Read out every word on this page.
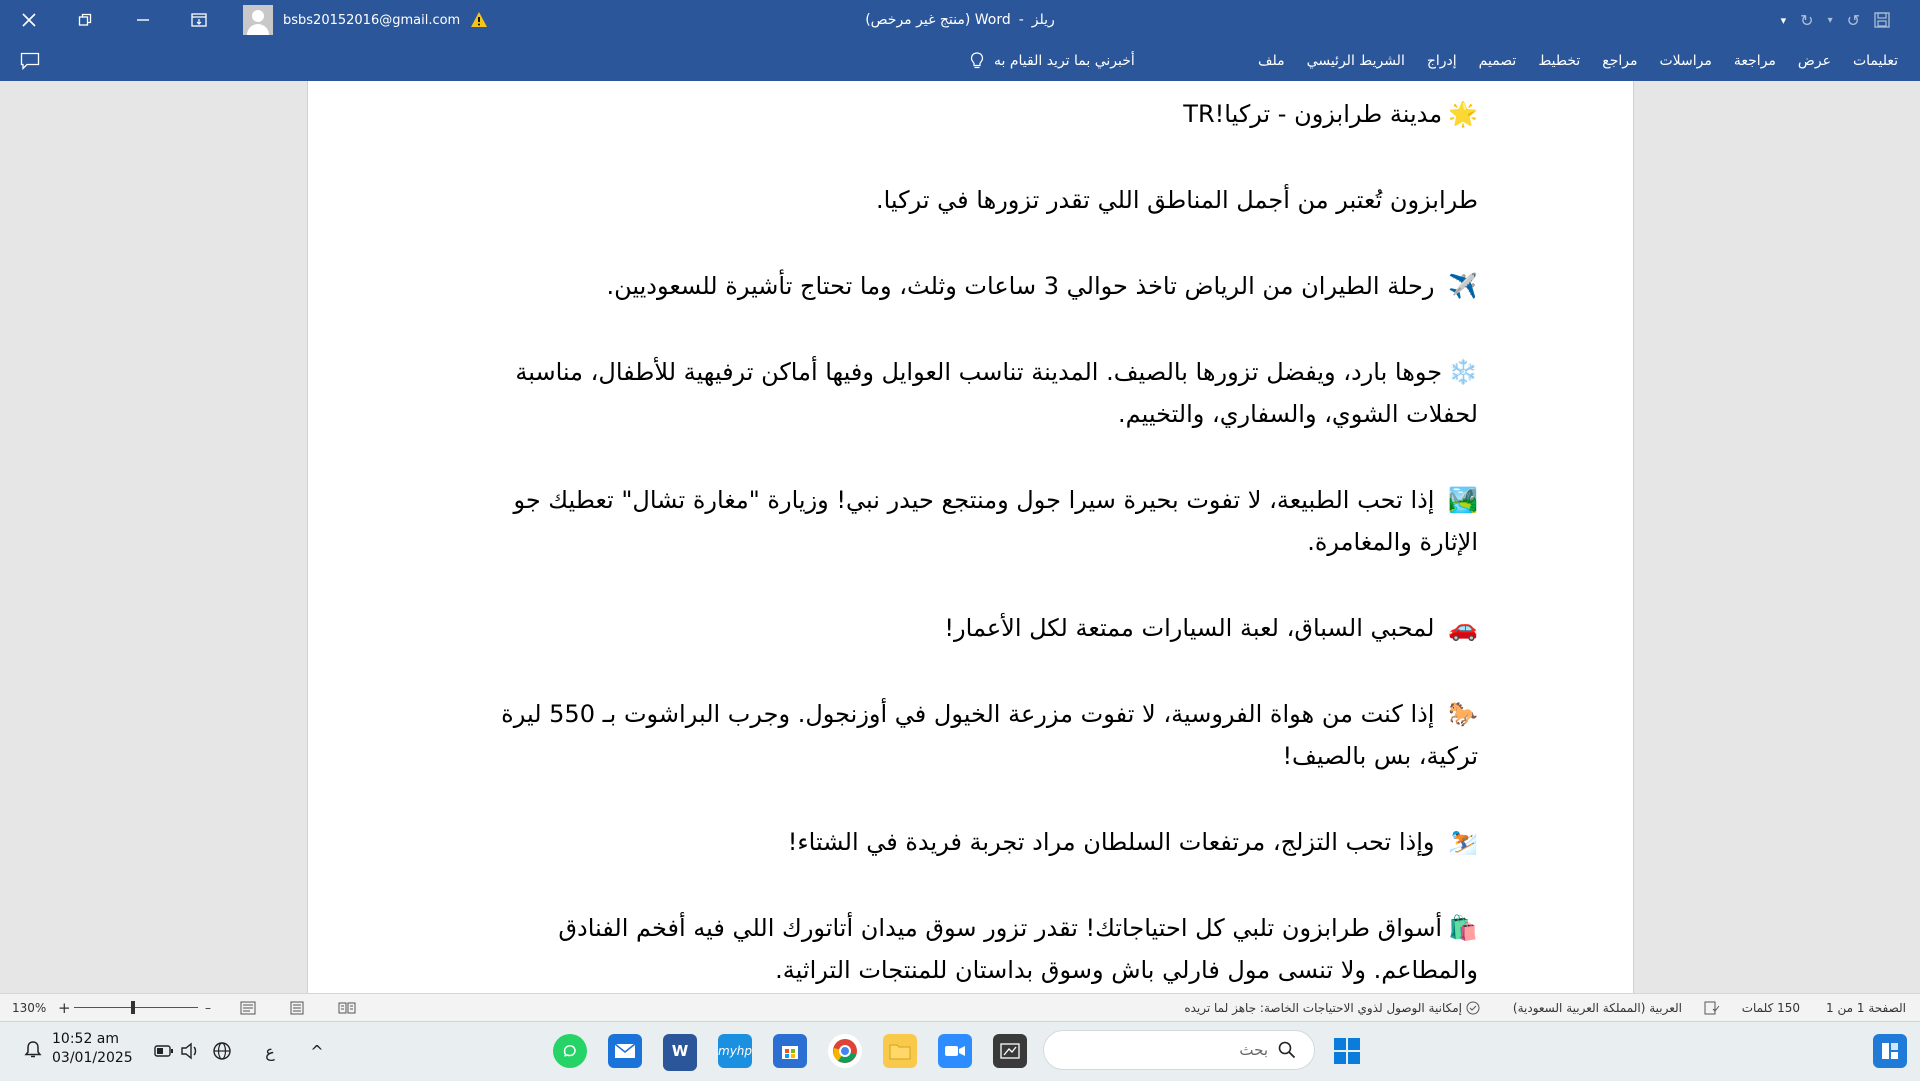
bsbs20152016@gmail.com	ريلز
-
Word (منتج غير مرخص)	▾ ↻ ▾ ↺
أخبرني بما تريد القيام به	ملف الشريط الرئيسي إدراج تصميم تخطيط مراجع مراسلات مراجعة عرض تعليمات

🌟مدينة طرابزون - تركيا!TR

طرابزون تُعتبر من أجمل المناطق اللي تقدر تزورها في تركيا.

✈️ رحلة الطيران من الرياض تاخذ حوالي 3 ساعات وثلث، وما تحتاج تأشيرة للسعوديين.

❄️جوها بارد، ويفضل تزورها بالصيف. المدينة تناسب العوايل وفيها أماكن ترفيهية للأطفال، مناسبة لحفلات الشوي، والسفاري، والتخييم.

🏞️ إذا تحب الطبيعة، لا تفوت بحيرة سيرا جول ومنتجع حيدر نبي! وزيارة "مغارة تشال" تعطيك جو الإثارة والمغامرة.

🚗 لمحبي السباق، لعبة السيارات ممتعة لكل الأعمار!

🐎 إذا كنت من هواة الفروسية، لا تفوت مزرعة الخيول في أوزنجول. وجرب البراشوت بـ 550 ليرة تركية، بس بالصيف!

⛷️ وإذا تحب التزلج، مرتفعات السلطان مراد تجربة فريدة في الشتاء!

🛍️أسواق طرابزون تلبي كل احتياجاتك! تقدر تزور سوق ميدان أتاتورك اللي فيه أفخم الفنادق والمطاعم. ولا تنسى مول فارلي باش وسوق بداستان للمنتجات التراثية.

130% +	–	إمكانية الوصول لذوي الاحتياجات الخاصة: جاهز لما تريده	العربية (المملكة العربية السعودية)	150 كلمات الصفحة 1 من 1
10:52 am
03/01/2025	ع	^	W	myhp	بحث
